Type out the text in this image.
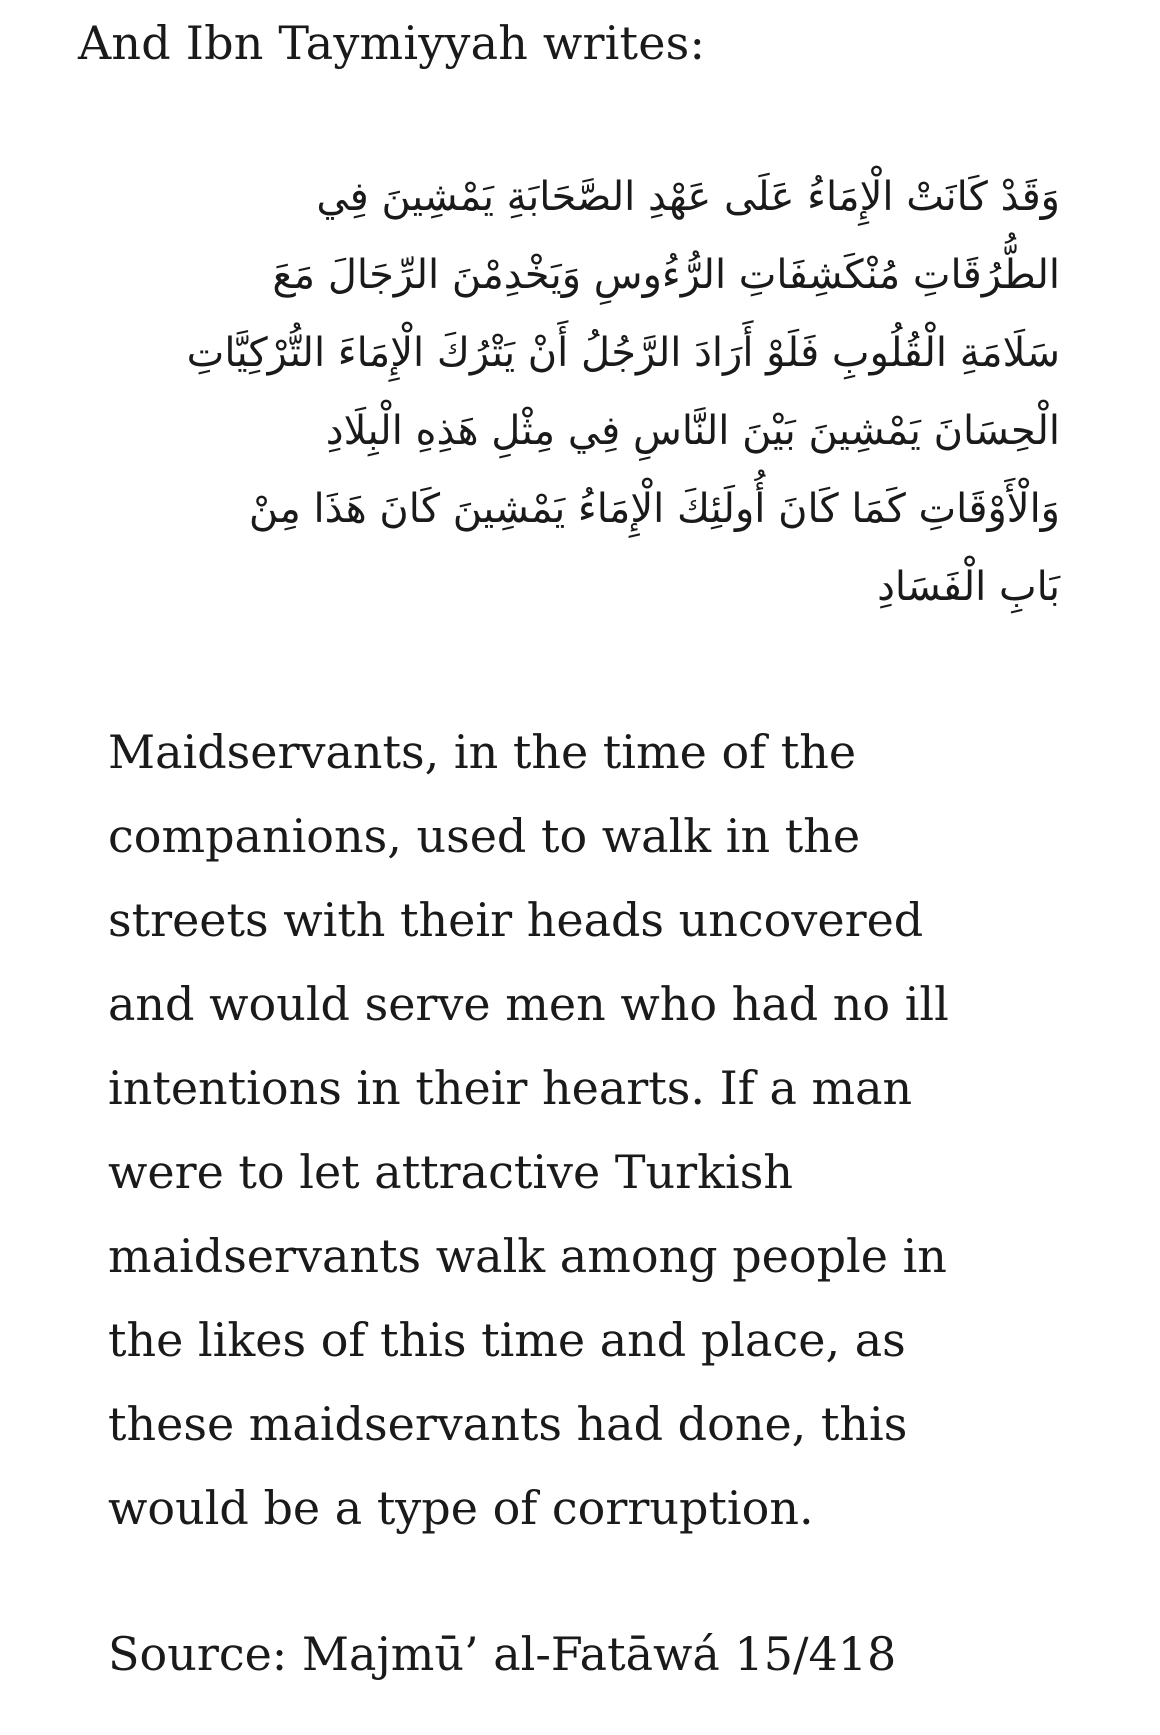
And Ibn Taymiyyah writes:

وَقَدْ كَانَتْ الْإِمَاءُ عَلَى عَهْدِ الصَّحَابَةِ يَمْشِينَ فِي
الطُّرُقَاتِ مُنْكَشِفَاتِ الرُّءُوسِ وَيَخْدِمْنَ الرِّجَالَ مَعَ
سَلَامَةِ الْقُلُوبِ فَلَوْ أَرَادَ الرَّجُلُ أَنْ يَتْرُكَ الْإِمَاءَ التُّرْكِيَّاتِ
الْحِسَانَ يَمْشِينَ بَيْنَ النَّاسِ فِي مِثْلِ هَذِهِ الْبِلَادِ
وَالْأَوْقَاتِ كَمَا كَانَ أُولَئِكَ الْإِمَاءُ يَمْشِينَ كَانَ هَذَا مِنْ
بَابِ الْفَسَادِ
Maidservants, in the time of the
companions, used to walk in the
streets with their heads uncovered
and would serve men who had no ill
intentions in their hearts. If a man
were to let attractive Turkish
maidservants walk among people in
the likes of this time and place, as
these maidservants had done, this
would be a type of corruption.

Source: Majmū’ al-Fatāwá 15/418
